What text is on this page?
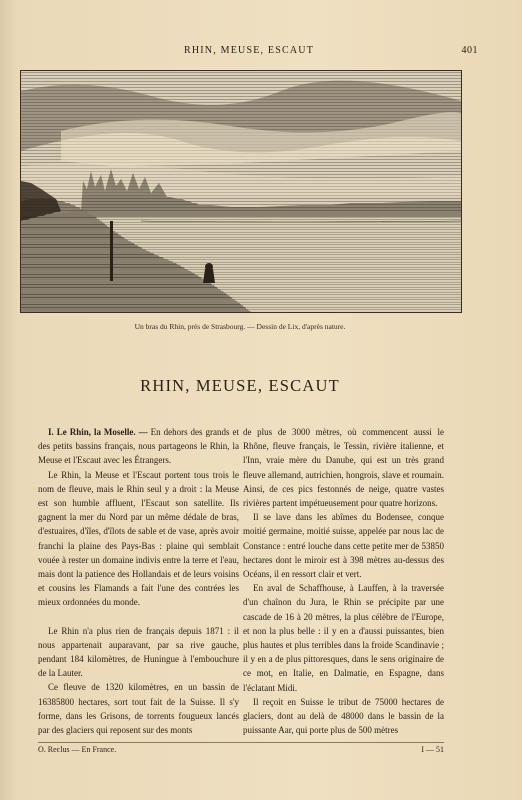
RHIN, MEUSE, ESCAUT	401
Un bras du Rhin, près de Strasbourg. — Dessin de Lix, d'après nature.
RHIN, MEUSE, ESCAUT

I. Le Rhin, la Moselle. — En dehors des grands et des petits bassins français, nous partageons le Rhin, la Meuse et l'Escaut avec les Étrangers.

Le Rhin, la Meuse et l'Escaut portent tous trois le nom de fleuve, mais le Rhin seul y a droit : la Meuse est son humble affluent, l'Escaut son satellite. Ils gagnent la mer du Nord par un même dédale de bras, d'estuaires, d'îles, d'îlots de sable et de vase, après avoir franchi la plaine des Pays-Bas : plaine qui semblait vouée à rester un domaine indivis entre la terre et l'eau, mais dont la patience des Hollandais et de leurs voisins et cousins les Flamands a fait l'une des contrées les mieux ordonnées du monde.

Le Rhin n'a plus rien de français depuis 1871 : il nous appartenait auparavant, par sa rive gauche, pendant 184 kilomètres, de Huningue à l'embouchure de la Lauter.

Ce fleuve de 1320 kilomètres, en un bassin de 16385800 hectares, sort tout fait de la Suisse. Il s'y forme, dans les Grisons, de torrents fougueux lancés par des glaciers qui reposent sur des monts

de plus de 3000 mètres, où commencent aussi le Rhône, fleuve français, le Tessin, rivière italienne, et l'Inn, vraie mère du Danube, qui est un très grand fleuve allemand, autrichien, hongrois, slave et roumain. Ainsi, de ces pics festonnés de neige, quatre vastes rivières partent impétueusement pour quatre horizons.

Il se lave dans les abîmes du Bodensee, conque moitié germaine, moitié suisse, appelée par nous lac de Constance : entré louche dans cette petite mer de 53850 hectares dont le miroir est à 398 mètres au-dessus des Océans, il en ressort clair et vert.

En aval de Schaffhouse, à Lauffen, à la traversée d'un chaînon du Jura, le Rhin se précipite par une cascade de 16 à 20 mètres, la plus célèbre de l'Europe, et non la plus belle : il y en a d'aussi puissantes, bien plus hautes et plus terribles dans la froide Scandinavie ; il y en a de plus pittoresques, dans le sens originaire de ce mot, en Italie, en Dalmatie, en Espagne, dans l'éclatant Midi.

Il reçoit en Suisse le tribut de 75000 hectares de glaciers, dont au delà de 48000 dans le bassin de la puissante Aar, qui porte plus de 500 mètres

O. Reclus — En France.	I — 51
